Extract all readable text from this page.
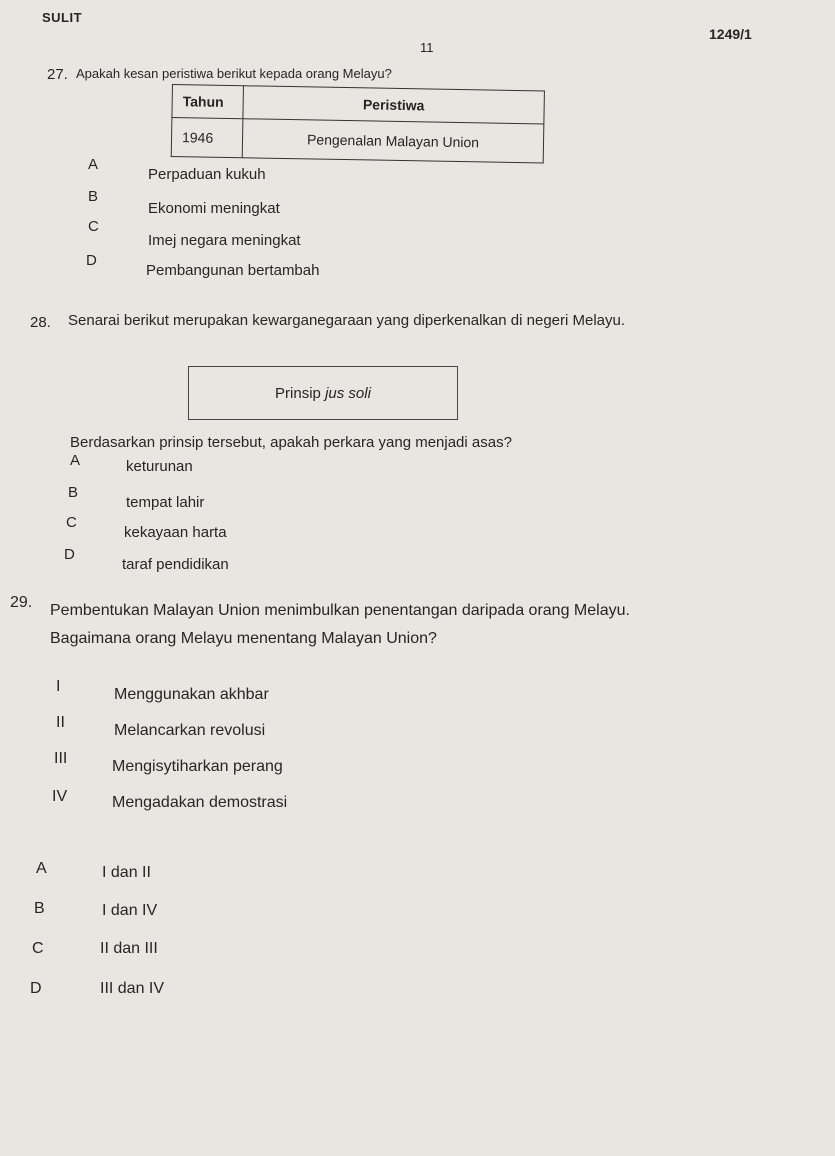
SULIT
11
1249/1
27. Apakah kesan peristiwa berikut kepada orang Melayu?
Tahun	Peristiwa
1946	Pengenalan Malayan Union
A
Perpaduan kukuh
B
Ekonomi meningkat
C
Imej negara meningkat
D
Pembangunan bertambah
28. Senarai berikut merupakan kewarganegaraan yang diperkenalkan di negeri Melayu.
Prinsip jus soli
Berdasarkan prinsip tersebut, apakah perkara yang menjadi asas?
A	keturunan
B
tempat lahir
C
kekayaan harta
D
taraf pendidikan
29. Pembentukan Malayan Union menimbulkan penentangan daripada orang Melayu.
Bagaimana orang Melayu menentang Malayan Union?
I	Menggunakan akhbar
II	Melancarkan revolusi
III	Mengisytiharkan perang
IV	Mengadakan demostrasi
A	I dan II
B	I dan IV
C	II dan III
D	III dan IV
